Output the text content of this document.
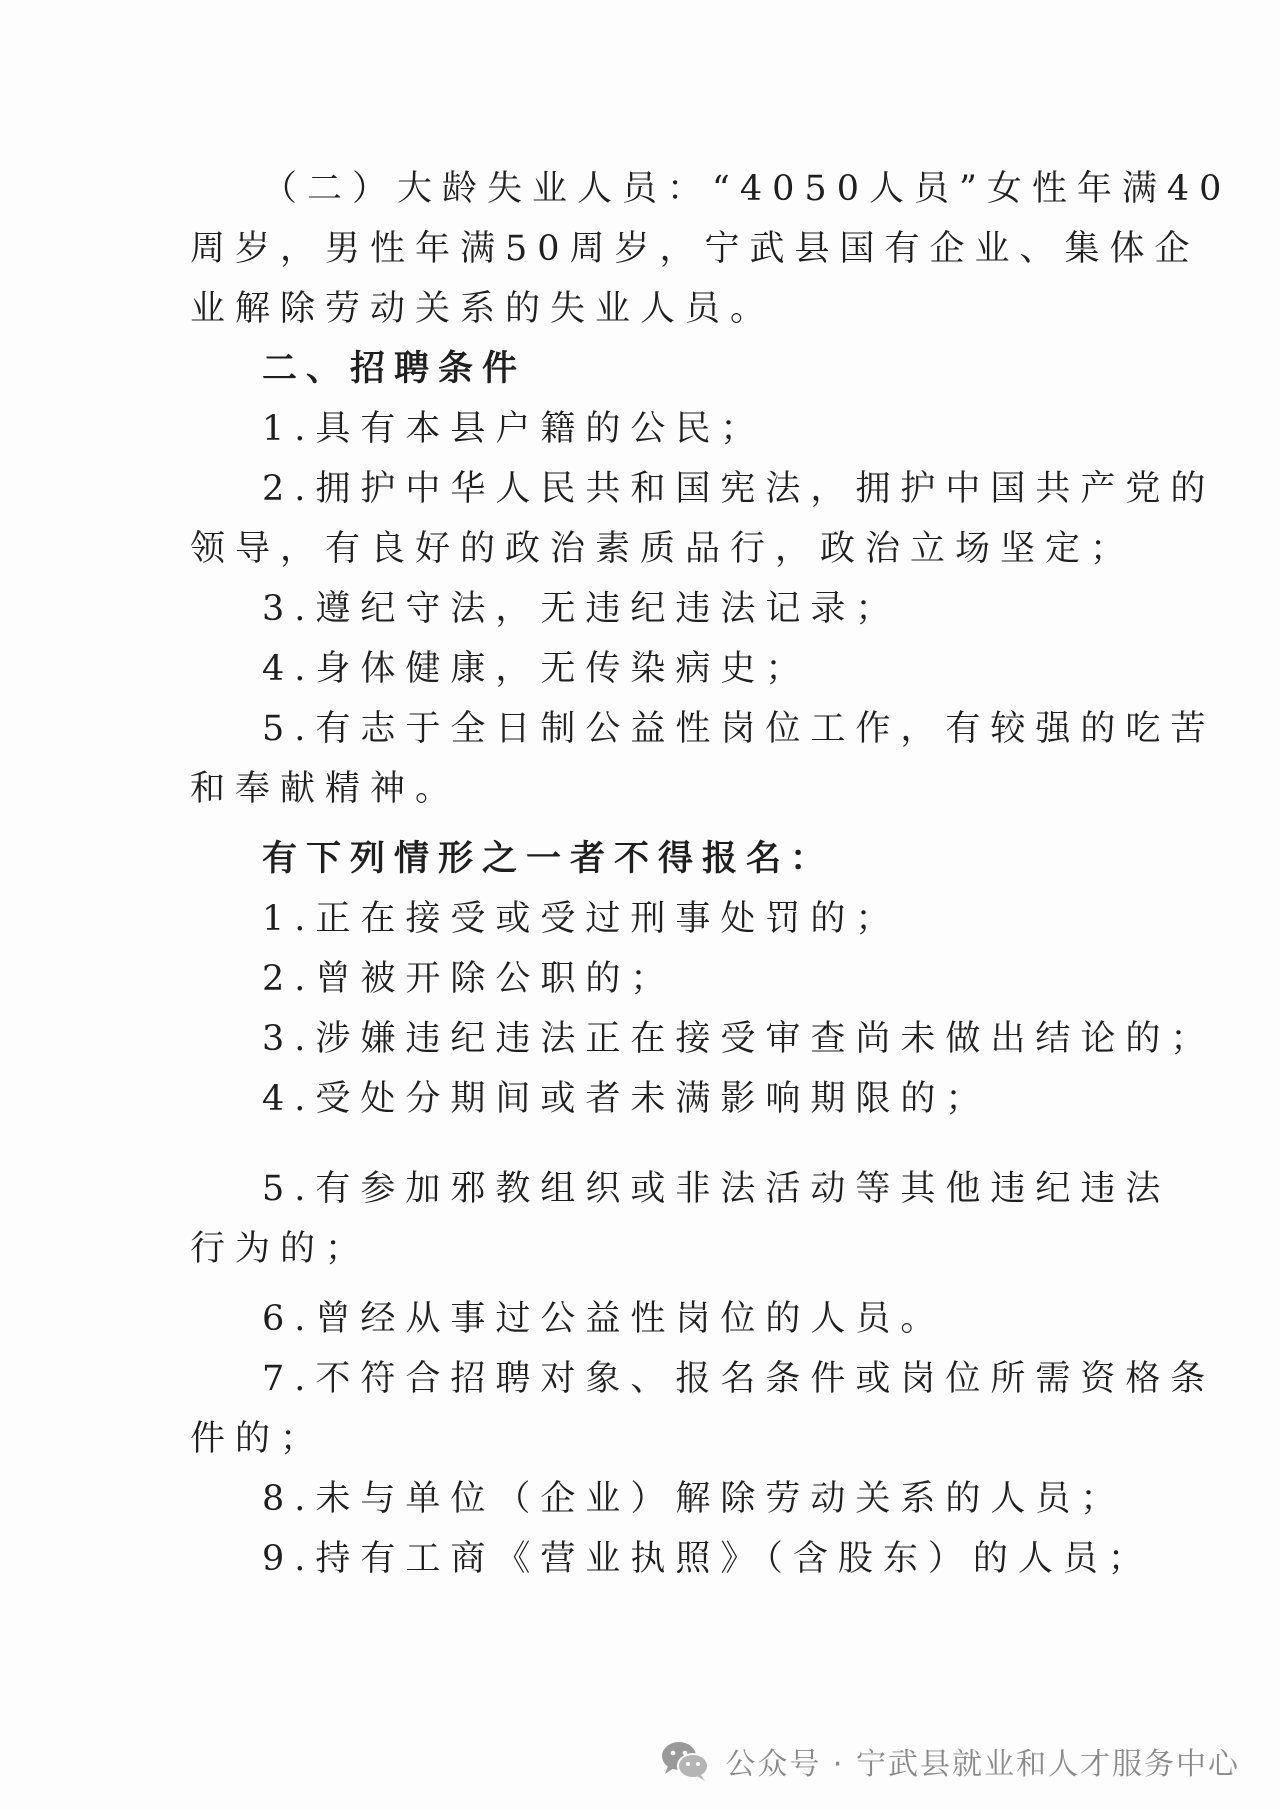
（二）大龄失业人员：“4050人员”女性年满40
周岁，男性年满50周岁，宁武县国有企业、集体企
业解除劳动关系的失业人员。
二、招聘条件
1.具有本县户籍的公民；
2.拥护中华人民共和国宪法，拥护中国共产党的
领导，有良好的政治素质品行，政治立场坚定；
3.遵纪守法，无违纪违法记录；
4.身体健康，无传染病史；
5.有志于全日制公益性岗位工作，有较强的吃苦
和奉献精神。
有下列情形之一者不得报名：
1.正在接受或受过刑事处罚的；
2.曾被开除公职的；
3.涉嫌违纪违法正在接受审查尚未做出结论的；
4.受处分期间或者未满影响期限的；
5.有参加邪教组织或非法活动等其他违纪违法
行为的；
6.曾经从事过公益性岗位的人员。
7.不符合招聘对象、报名条件或岗位所需资格条
件的；
8.未与单位（企业）解除劳动关系的人员；
9.持有工商《营业执照》（含股东）的人员；
公众号 · 宁武县就业和人才服务中心
